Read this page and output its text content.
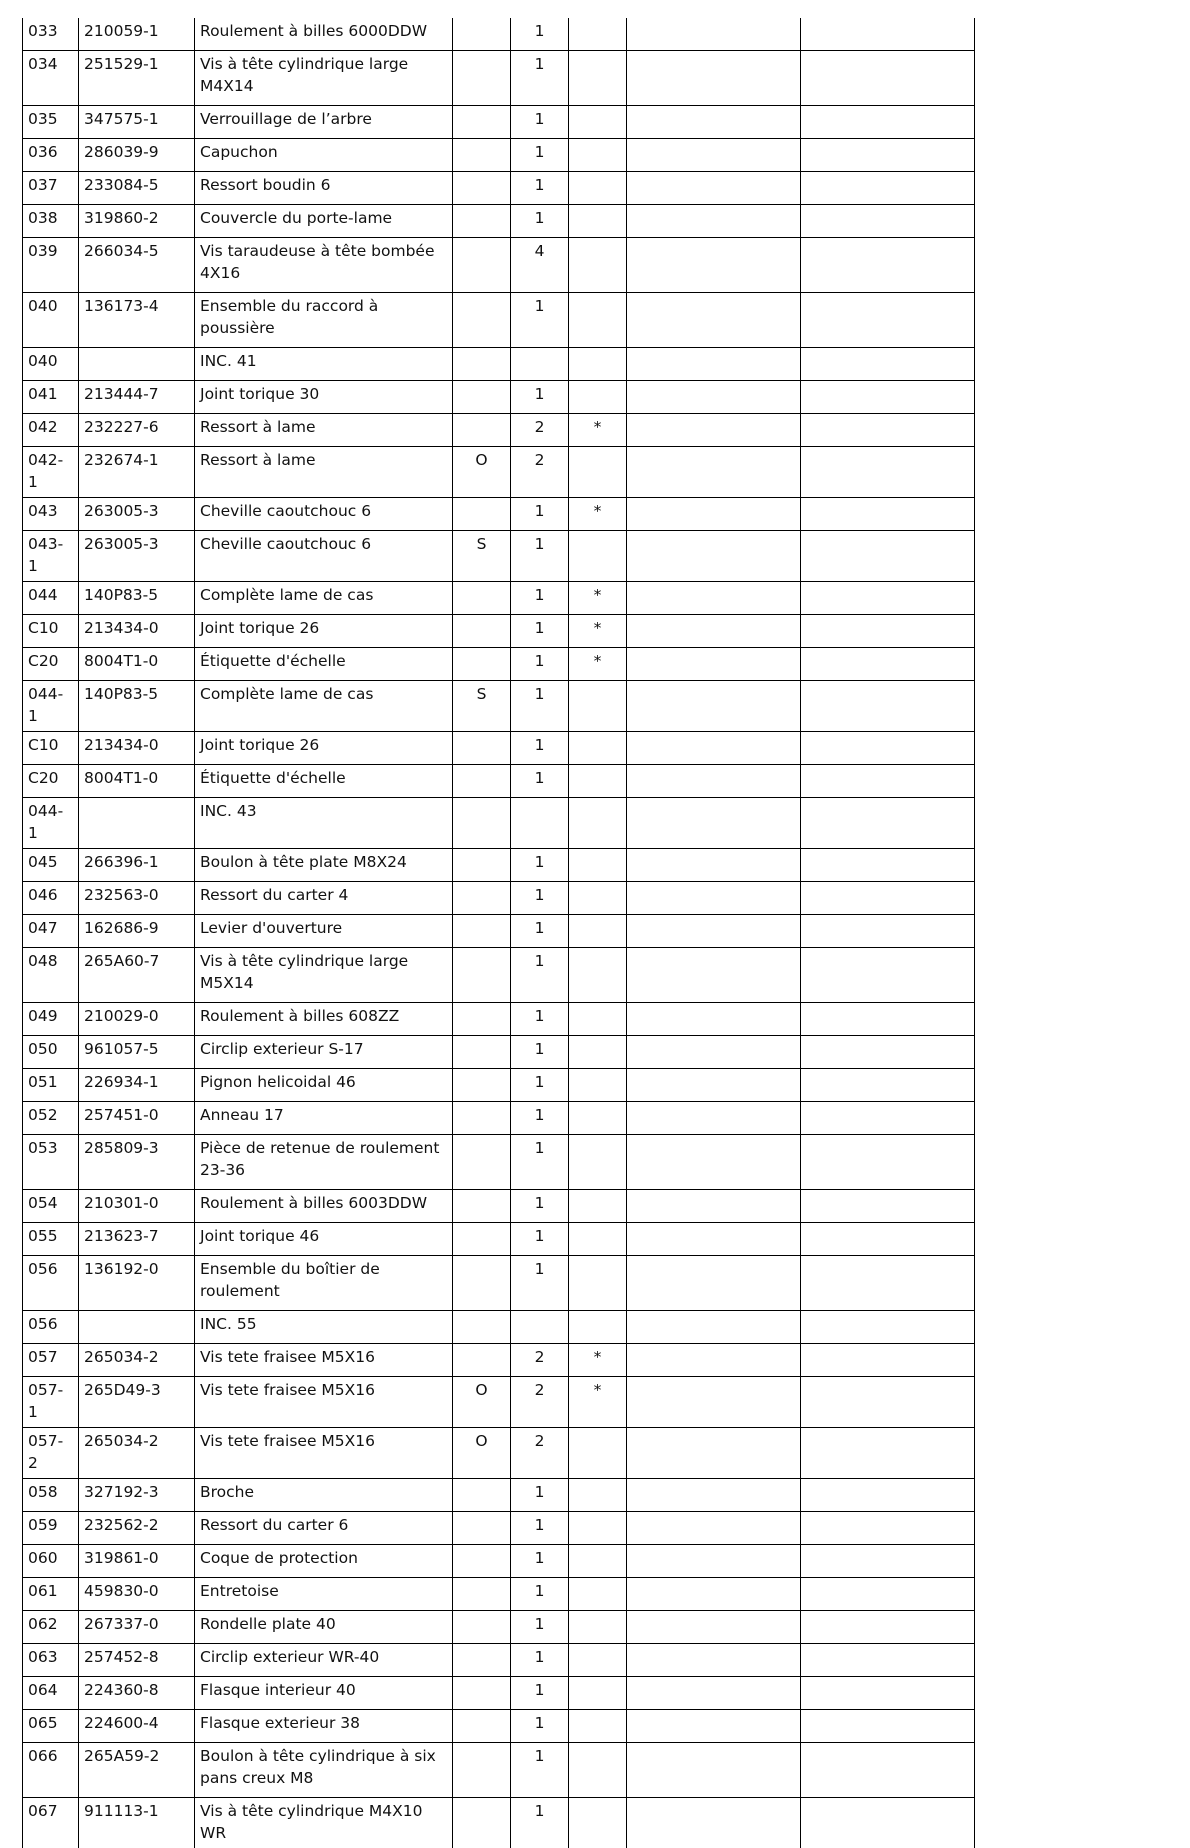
033	210059-1	Roulement à billes 6000DDW		1			
034	251529-1	Vis à tête cylindrique large M4X14		1			
035	347575-1	Verrouillage de l’arbre		1			
036	286039-9	Capuchon		1			
037	233084-5	Ressort boudin 6		1			
038	319860-2	Couvercle du porte-lame		1			
039	266034-5	Vis taraudeuse à tête bombée 4X16		4			
040	136173-4	Ensemble du raccord à poussière		1			
040		INC. 41					
041	213444-7	Joint torique 30		1			
042	232227-6	Ressort à lame		2	*		
042-1	232674-1	Ressort à lame	O	2			
043	263005-3	Cheville caoutchouc 6		1	*		
043-1	263005-3	Cheville caoutchouc 6	S	1			
044	140P83-5	Complète lame de cas		1	*		
C10	213434-0	Joint torique 26		1	*		
C20	8004T1-0	Étiquette d'échelle		1	*		
044-1	140P83-5	Complète lame de cas	S	1			
C10	213434-0	Joint torique 26		1			
C20	8004T1-0	Étiquette d'échelle		1			
044-1		INC. 43					
045	266396-1	Boulon à tête plate M8X24		1			
046	232563-0	Ressort du carter 4		1			
047	162686-9	Levier d'ouverture		1			
048	265A60-7	Vis à tête cylindrique large M5X14		1			
049	210029-0	Roulement à billes 608ZZ		1			
050	961057-5	Circlip exterieur S-17		1			
051	226934-1	Pignon helicoidal 46		1			
052	257451-0	Anneau 17		1			
053	285809-3	Pièce de retenue de roulement 23-36		1			
054	210301-0	Roulement à billes 6003DDW		1			
055	213623-7	Joint torique 46		1			
056	136192-0	Ensemble du boîtier de roulement		1			
056		INC. 55					
057	265034-2	Vis tete fraisee M5X16		2	*		
057-1	265D49-3	Vis tete fraisee M5X16	O	2	*		
057-2	265034-2	Vis tete fraisee M5X16	O	2			
058	327192-3	Broche		1			
059	232562-2	Ressort du carter 6		1			
060	319861-0	Coque de protection		1			
061	459830-0	Entretoise		1			
062	267337-0	Rondelle plate 40		1			
063	257452-8	Circlip exterieur WR-40		1			
064	224360-8	Flasque interieur 40		1			
065	224600-4	Flasque exterieur 38		1			
066	265A59-2	Boulon à tête cylindrique à six pans creux M8		1			
067	911113-1	Vis à tête cylindrique M4X10 WR		1			
